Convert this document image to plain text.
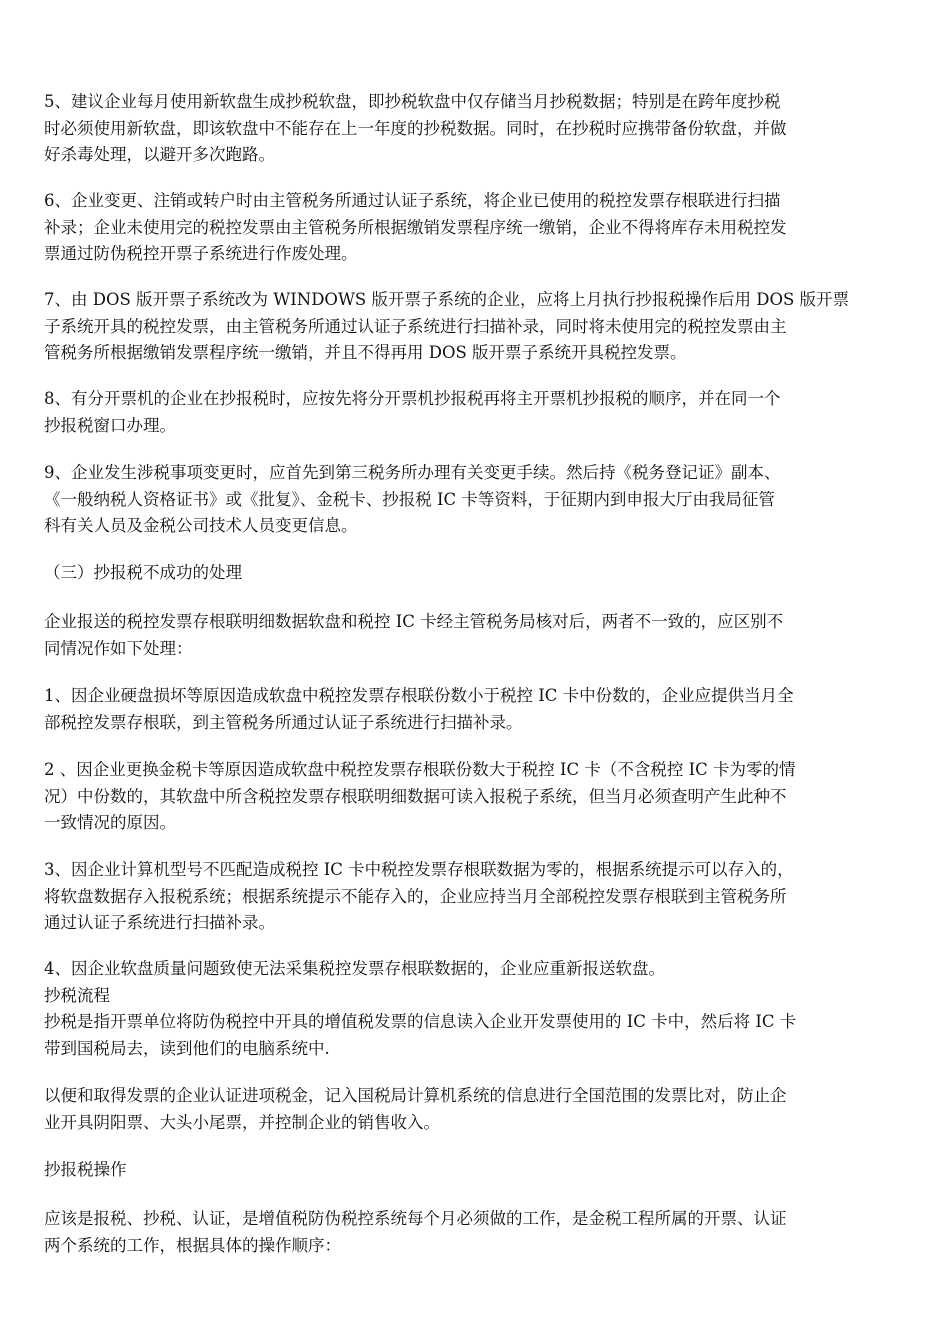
5、建议企业每月使用新软盘生成抄税软盘，即抄税软盘中仅存储当月抄税数据；特别是在跨年度抄税
时必须使用新软盘，即该软盘中不能存在上一年度的抄税数据。同时，在抄税时应携带备份软盘，并做
好杀毒处理，以避开多次跑路。
6、企业变更、注销或转户时由主管税务所通过认证子系统，将企业已使用的税控发票存根联进行扫描
补录；企业未使用完的税控发票由主管税务所根据缴销发票程序统一缴销，企业不得将库存未用税控发
票通过防伪税控开票子系统进行作废处理。
7、由 DOS 版开票子系统改为 WINDOWS 版开票子系统的企业，应将上月执行抄报税操作后用 DOS 版开票
子系统开具的税控发票，由主管税务所通过认证子系统进行扫描补录，同时将未使用完的税控发票由主
管税务所根据缴销发票程序统一缴销，并且不得再用 DOS 版开票子系统开具税控发票。
8、有分开票机的企业在抄报税时，应按先将分开票机抄报税再将主开票机抄报税的顺序，并在同一个
抄报税窗口办理。
9、企业发生涉税事项变更时，应首先到第三税务所办理有关变更手续。然后持《税务登记证》副本、
《一般纳税人资格证书》或《批复》、金税卡、抄报税 IC 卡等资料，于征期内到申报大厅由我局征管
科有关人员及金税公司技术人员变更信息。
（三）抄报税不成功的处理
企业报送的税控发票存根联明细数据软盘和税控 IC 卡经主管税务局核对后，两者不一致的，应区别不
同情况作如下处理：
1、因企业硬盘损坏等原因造成软盘中税控发票存根联份数小于税控 IC 卡中份数的，企业应提供当月全
部税控发票存根联，到主管税务所通过认证子系统进行扫描补录。
2 、因企业更换金税卡等原因造成软盘中税控发票存根联份数大于税控 IC 卡（不含税控 IC 卡为零的情
况）中份数的，其软盘中所含税控发票存根联明细数据可读入报税子系统，但当月必须查明产生此种不
一致情况的原因。
3、因企业计算机型号不匹配造成税控 IC 卡中税控发票存根联数据为零的，根据系统提示可以存入的，
将软盘数据存入报税系统；根据系统提示不能存入的，企业应持当月全部税控发票存根联到主管税务所
通过认证子系统进行扫描补录。
4、因企业软盘质量问题致使无法采集税控发票存根联数据的，企业应重新报送软盘。
抄税流程
抄税是指开票单位将防伪税控中开具的增值税发票的信息读入企业开发票使用的 IC 卡中，然后将 IC 卡
带到国税局去，读到他们的电脑系统中.
以便和取得发票的企业认证进项税金，记入国税局计算机系统的信息进行全国范围的发票比对，防止企
业开具阴阳票、大头小尾票，并控制企业的销售收入。
抄报税操作
应该是报税、抄税、认证，是增值税防伪税控系统每个月必须做的工作，是金税工程所属的开票、认证
两个系统的工作，根据具体的操作顺序：
